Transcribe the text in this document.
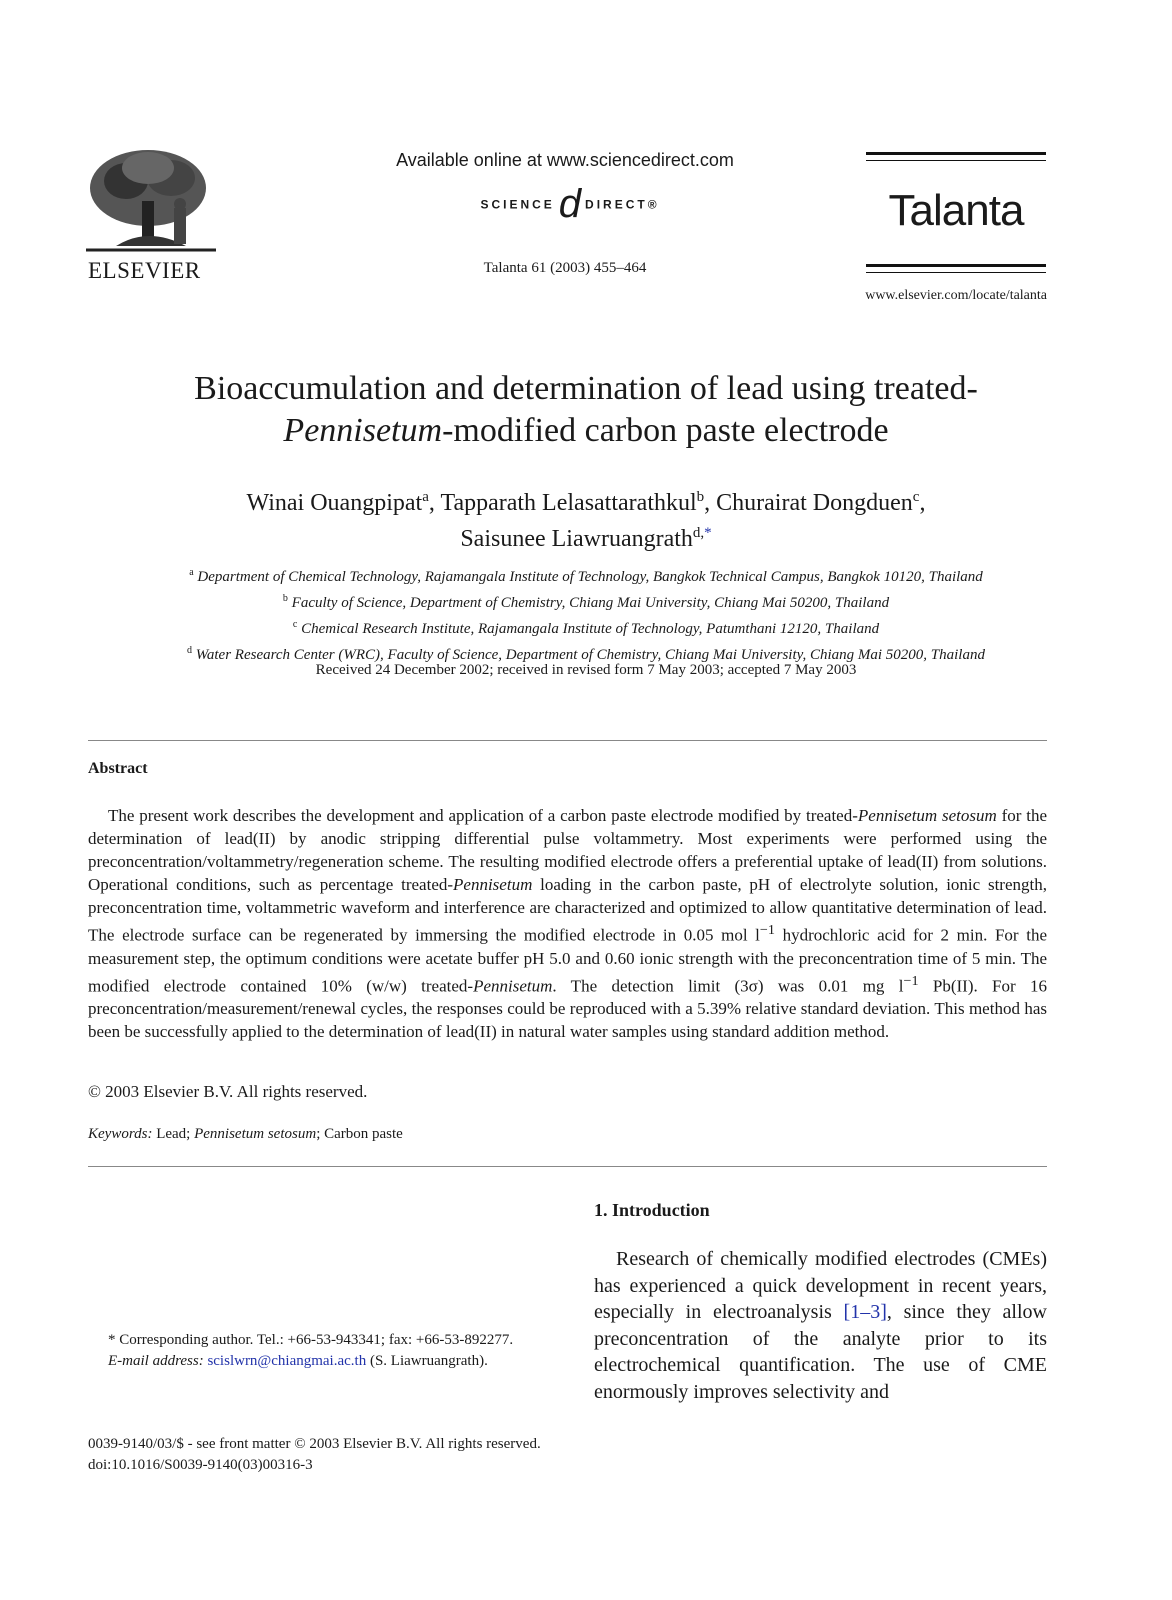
ELSEVIER
Available online at www.sciencedirect.com
SCIENCE d DIRECT®
Talanta 61 (2003) 455–464
Talanta
www.elsevier.com/locate/talanta
Bioaccumulation and determination of lead using treated-
Pennisetum-modified carbon paste electrode
Winai Ouangpipat$^a$, Tapparath Lelasattarathkul$^b$, Churairat Dongduen$^c$,
Saisunee Liawruangrath$^{d,*}$
$^a$ Department of Chemical Technology, Rajamangala Institute of Technology, Bangkok Technical Campus, Bangkok 10120, Thailand
$^b$ Faculty of Science, Department of Chemistry, Chiang Mai University, Chiang Mai 50200, Thailand
$^c$ Chemical Research Institute, Rajamangala Institute of Technology, Patumthani 12120, Thailand
$^d$ Water Research Center (WRC), Faculty of Science, Department of Chemistry, Chiang Mai University, Chiang Mai 50200, Thailand
Received 24 December 2002; received in revised form 7 May 2003; accepted 7 May 2003
Abstract

The present work describes the development and application of a carbon paste electrode modified by treated-Pennisetum setosum for the determination of lead(II) by anodic stripping differential pulse voltammetry. Most experiments were performed using the preconcentration/voltammetry/regeneration scheme. The resulting modified electrode offers a preferential uptake of lead(II) from solutions. Operational conditions, such as percentage treated-Pennisetum loading in the carbon paste, pH of electrolyte solution, ionic strength, preconcentration time, voltammetric waveform and interference are characterized and optimized to allow quantitative determination of lead. The electrode surface can be regenerated by immersing the modified electrode in 0.05 mol $l^{-1}$ hydrochloric acid for 2 min. For the measurement step, the optimum conditions were acetate buffer pH 5.0 and 0.60 ionic strength with the preconcentration time of 5 min. The modified electrode contained 10% (w/w) treated-Pennisetum. The detection limit (3σ) was 0.01 mg $l^{-1}$ Pb(II). For 16 preconcentration/measurement/renewal cycles, the responses could be reproduced with a 5.39% relative standard deviation. This method has been be successfully applied to the determination of lead(II) in natural water samples using standard addition method.

© 2003 Elsevier B.V. All rights reserved.
Keywords: Lead; Pennisetum setosum; Carbon paste
1. Introduction

Research of chemically modified electrodes (CMEs) has experienced a quick development in recent years, especially in electroanalysis [1–3], since they allow preconcentration of the analyte prior to its electrochemical quantification. The use of CME enormously improves selectivity and

* Corresponding author. Tel.: +66-53-943341; fax: +66-53-892277.

E-mail address: scislwrn@chiangmai.ac.th (S. Liawruangrath).

0039-9140/03/$ - see front matter © 2003 Elsevier B.V. All rights reserved.
doi:10.1016/S0039-9140(03)00316-3
